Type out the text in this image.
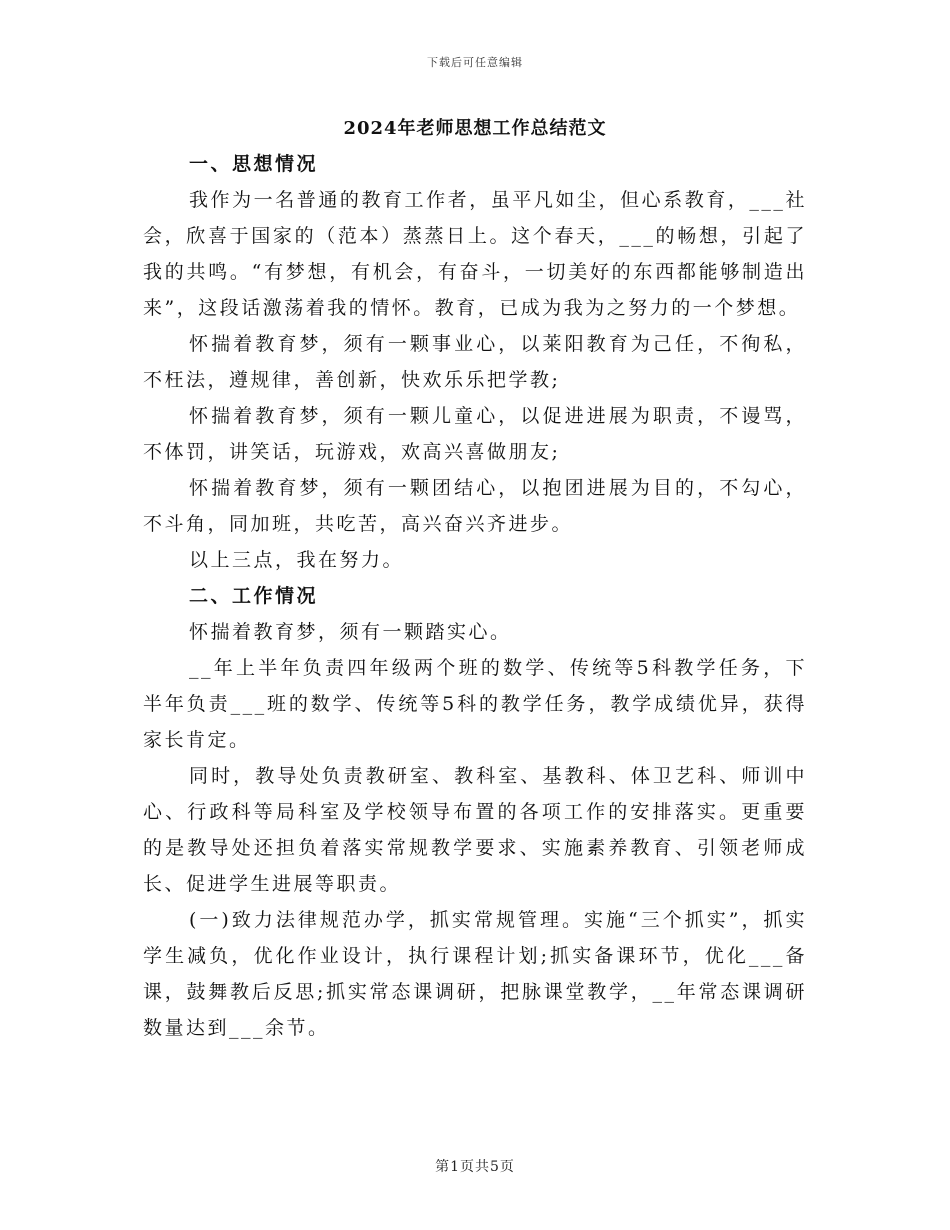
下载后可任意编辑
2024年老师思想工作总结范文

一、思想情况

我作为一名普通的教育工作者，虽平凡如尘，但心系教育，___社会，欣喜于国家的（范本）蒸蒸日上。这个春天，___的畅想，引起了我的共鸣。“有梦想，有机会，有奋斗，一切美好的东西都能够制造出来”，这段话激荡着我的情怀。教育，已成为我为之努力的一个梦想。

怀揣着教育梦，须有一颗事业心，以莱阳教育为己任，不徇私，不枉法，遵规律，善创新，快欢乐乐把学教;

怀揣着教育梦，须有一颗儿童心，以促进进展为职责，不谩骂，不体罚，讲笑话，玩游戏，欢高兴喜做朋友;

怀揣着教育梦，须有一颗团结心，以抱团进展为目的，不勾心，不斗角，同加班，共吃苦，高兴奋兴齐进步。

以上三点，我在努力。

二、工作情况

怀揣着教育梦，须有一颗踏实心。

__年上半年负责四年级两个班的数学、传统等5科教学任务，下半年负责___班的数学、传统等5科的教学任务，教学成绩优异，获得家长肯定。

同时，教导处负责教研室、教科室、基教科、体卫艺科、师训中心、行政科等局科室及学校领导布置的各项工作的安排落实。更重要的是教导处还担负着落实常规教学要求、实施素养教育、引领老师成长、促进学生进展等职责。

(一)致力法律规范办学，抓实常规管理。实施“三个抓实”，抓实学生减负，优化作业设计，执行课程计划;抓实备课环节，优化___备课，鼓舞教后反思;抓实常态课调研，把脉课堂教学，__年常态课调研数量达到___余节。

第1页共5页
